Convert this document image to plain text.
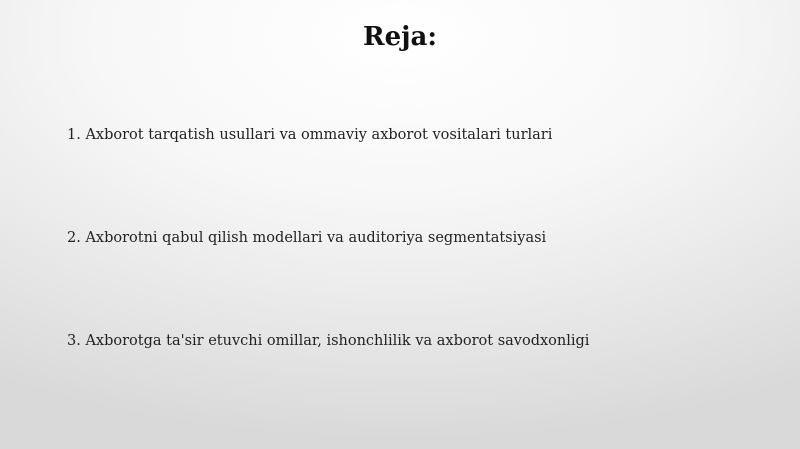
Reja:
1. Axborot tarqatish usullari va ommaviy axborot vositalari turlari
2. Axborotni qabul qilish modellari va auditoriya segmentatsiyasi
3. Axborotga ta'sir etuvchi omillar, ishonchlilik va axborot savodxonligi
